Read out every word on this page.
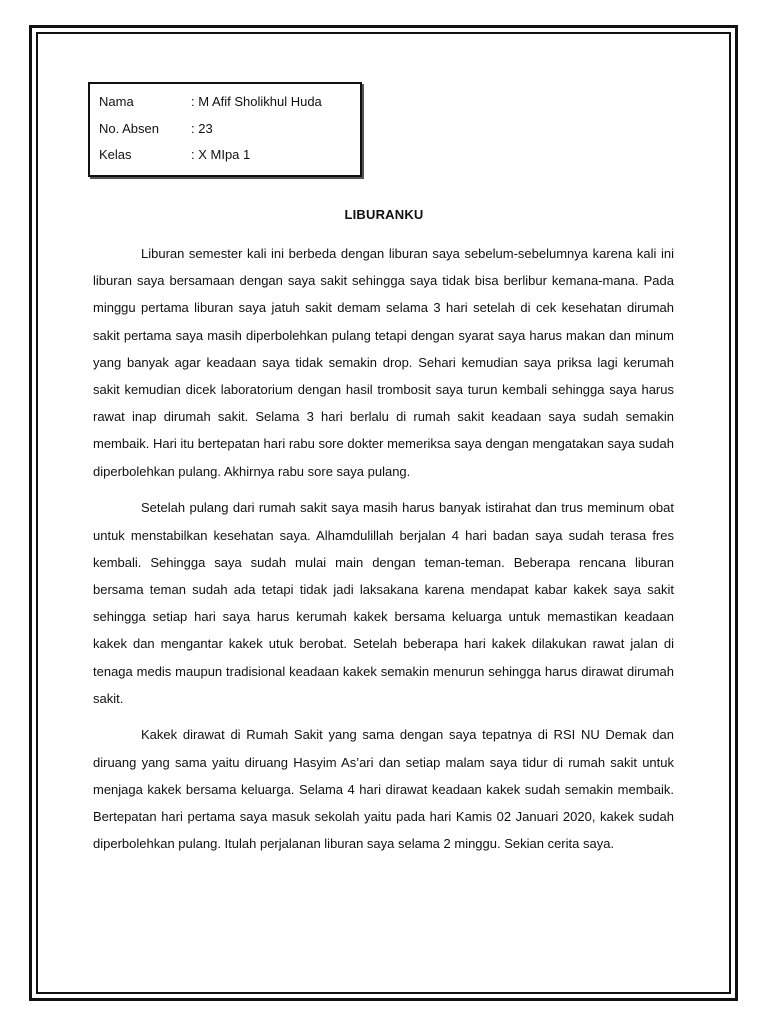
Nama	: M Afif Sholikhul Huda
No. Absen	: 23
Kelas	: X MIpa 1
LIBURANKU

Liburan semester kali ini berbeda dengan liburan saya sebelum-sebelumnya karena kali ini liburan saya bersamaan dengan saya sakit sehingga saya tidak bisa berlibur kemana-mana. Pada minggu pertama liburan saya jatuh sakit demam selama 3 hari setelah di cek kesehatan dirumah sakit pertama saya masih diperbolehkan pulang tetapi dengan syarat saya harus makan dan minum yang banyak agar keadaan saya tidak semakin drop. Sehari kemudian saya priksa lagi kerumah sakit kemudian dicek laboratorium dengan hasil trombosit saya turun kembali sehingga saya harus rawat inap dirumah sakit. Selama 3 hari berlalu di rumah sakit keadaan saya sudah semakin membaik. Hari itu bertepatan hari rabu sore dokter memeriksa saya dengan mengatakan saya sudah diperbolehkan pulang. Akhirnya rabu sore saya pulang.

Setelah pulang dari rumah sakit saya masih harus banyak istirahat dan trus meminum obat untuk menstabilkan kesehatan saya. Alhamdulillah berjalan 4 hari badan saya sudah terasa fres kembali. Sehingga saya sudah mulai main dengan teman-teman. Beberapa rencana liburan bersama teman sudah ada tetapi tidak jadi laksakana karena mendapat kabar kakek saya sakit sehingga setiap hari saya harus kerumah kakek bersama keluarga untuk memastikan keadaan kakek dan mengantar kakek utuk berobat. Setelah beberapa hari kakek dilakukan rawat jalan di tenaga medis maupun tradisional keadaan kakek semakin menurun sehingga harus dirawat dirumah sakit.

Kakek dirawat di Rumah Sakit yang sama dengan saya tepatnya di RSI NU Demak dan diruang yang sama yaitu diruang Hasyim As’ari dan setiap malam saya tidur di rumah sakit untuk menjaga kakek bersama keluarga. Selama 4 hari dirawat keadaan kakek sudah semakin membaik. Bertepatan hari pertama saya masuk sekolah yaitu pada hari Kamis 02 Januari 2020, kakek sudah diperbolehkan pulang. Itulah perjalanan liburan saya selama 2 minggu. Sekian cerita saya.
